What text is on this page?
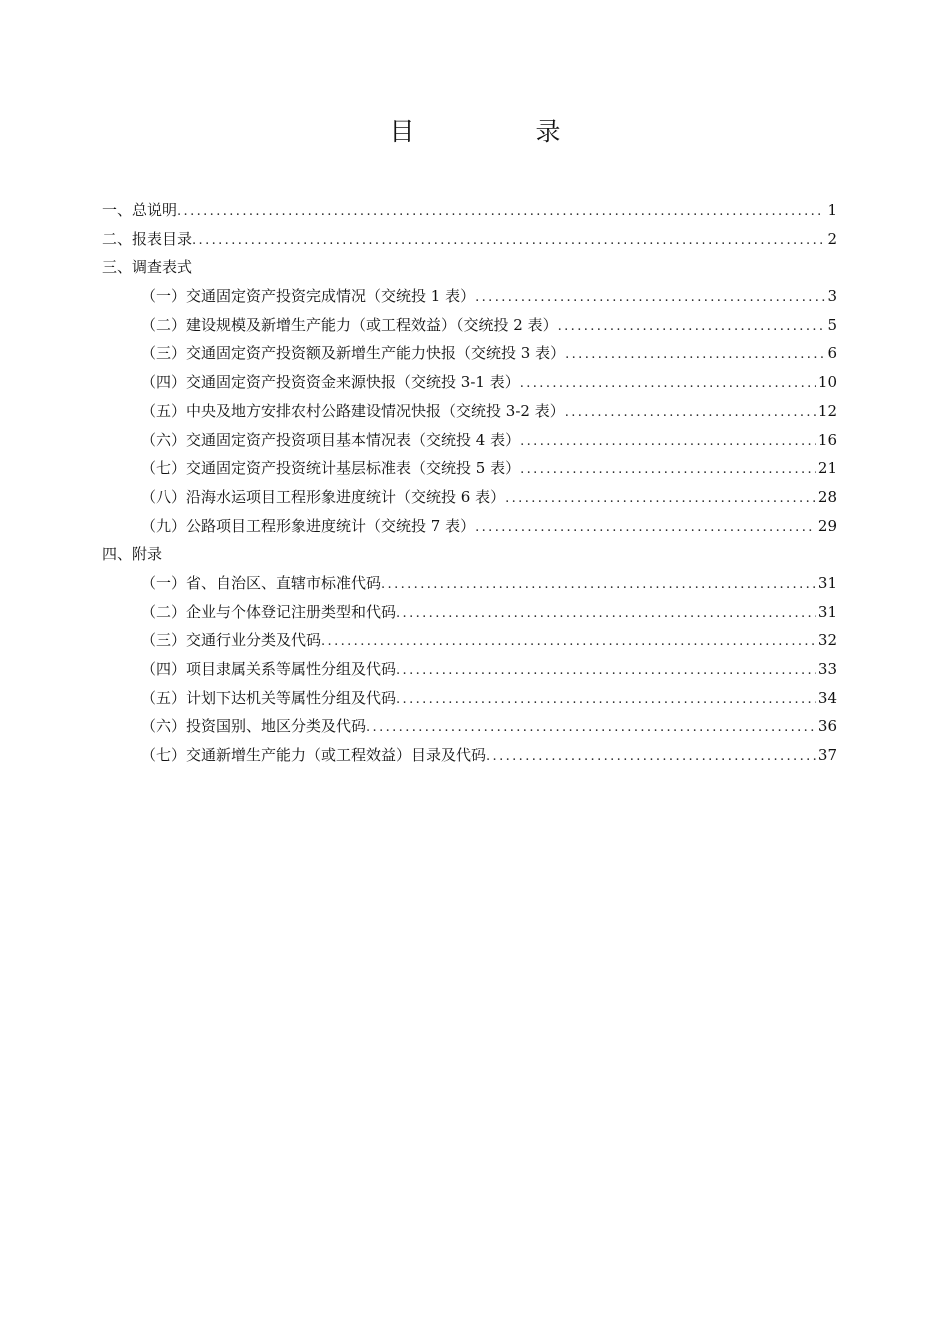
目　录
一、总说明 .....	1
二、报表目录 .....	2
三、调查表式
（一）交通固定资产投资完成情况（交统投 1 表） .....	3
（二）建设规模及新增生产能力（或工程效益）（交统投 2 表） .....	5
（三）交通固定资产投资额及新增生产能力快报（交统投 3 表） .....	6
（四）交通固定资产投资资金来源快报（交统投 3-1 表） .....	10
（五）中央及地方安排农村公路建设情况快报（交统投 3-2 表） .....	12
（六）交通固定资产投资项目基本情况表（交统投 4 表） .....	16
（七）交通固定资产投资统计基层标准表（交统投 5 表） .....	21
（八）沿海水运项目工程形象进度统计（交统投 6 表） .....	28
（九）公路项目工程形象进度统计（交统投 7 表） .....	29
四、附录
（一）省、自治区、直辖市标准代码 .....	31
（二）企业与个体登记注册类型和代码 .....	31
（三）交通行业分类及代码 .....	32
（四）项目隶属关系等属性分组及代码 .....	33
（五）计划下达机关等属性分组及代码 .....	34
（六）投资国别、地区分类及代码 .....	36
（七）交通新增生产能力（或工程效益）目录及代码 .....	37
